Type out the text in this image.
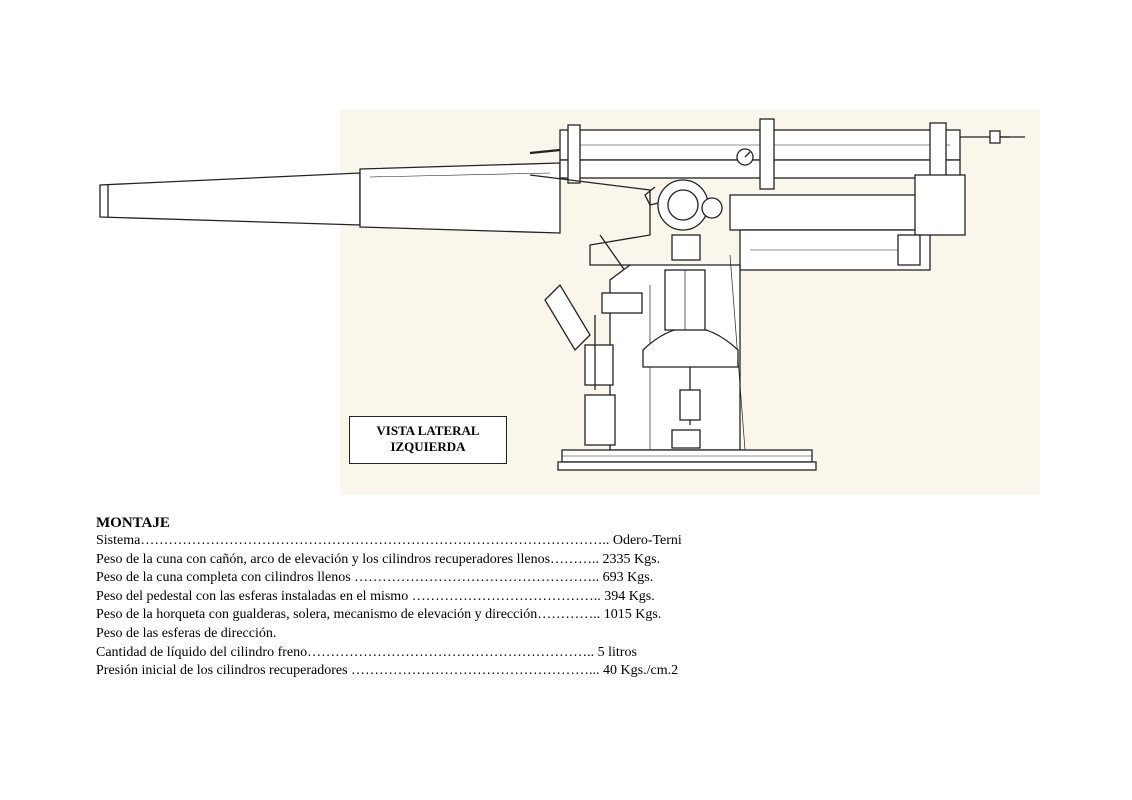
VISTA LATERAL
IZQUIERDA
MONTAJE
Sistema……………………………………………………………………………………….. Odero-Terni
Peso de la cuna con cañón, arco de elevación y los cilindros recuperadores llenos……….. 2335 Kgs.
Peso de la cuna completa con cilindros llenos …………………………………………….. 693 Kgs.
Peso del pedestal con las esferas instaladas en el mismo ………………………………….. 394 Kgs.
Peso de la horqueta con gualderas, solera, mecanismo de elevación y dirección………….. 1015 Kgs.
Peso de las esferas de dirección.
Cantidad de líquido del cilindro freno…………………………………………………….. 5 litros
Presión inicial de los cilindros recuperadores ……………………………………………... 40 Kgs./cm.2
